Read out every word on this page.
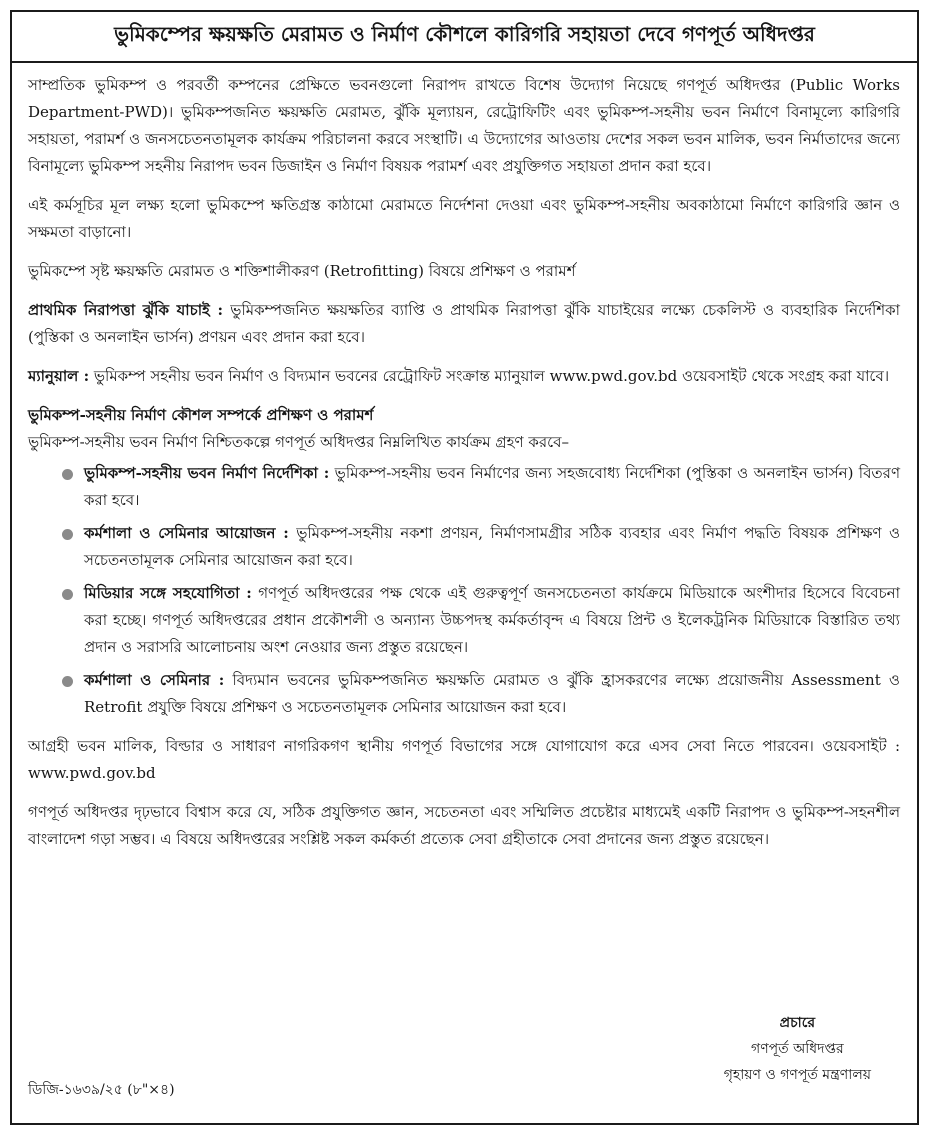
ভুমিকম্পের ক্ষয়ক্ষতি মেরামত ও নির্মাণ কৌশলে কারিগরি সহায়তা দেবে গণপূর্ত অধিদপ্তর

সাম্প্রতিক ভুমিকম্প ও পরবর্তী কম্পনের প্রেক্ষিতে ভবনগুলো নিরাপদ রাখতে বিশেষ উদ্যোগ নিয়েছে গণপূর্ত অধিদপ্তর (Public Works Department-PWD)। ভুমিকম্পজনিত ক্ষয়ক্ষতি মেরামত, ঝুঁকি মূল্যায়ন, রেট্রোফিটিং এবং ভুমিকম্প-সহনীয় ভবন নির্মাণে বিনামূল্যে কারিগরি সহায়তা, পরামর্শ ও জনসচেতনতামূলক কার্যক্রম পরিচালনা করবে সংস্থাটি। এ উদ্যোগের আওতায় দেশের সকল ভবন মালিক, ভবন নির্মাতাদের জন্যে বিনামূল্যে ভুমিকম্প সহনীয় নিরাপদ ভবন ডিজাইন ও নির্মাণ বিষয়ক পরামর্শ এবং প্রযুক্তিগত সহায়তা প্রদান করা হবে।

এই কর্মসূচির মূল লক্ষ্য হলো ভুমিকম্পে ক্ষতিগ্রস্ত কাঠামো মেরামতে নির্দেশনা দেওয়া এবং ভুমিকম্প-সহনীয় অবকাঠামো নির্মাণে কারিগরি জ্ঞান ও সক্ষমতা বাড়ানো।

ভুমিকম্পে সৃষ্ট ক্ষয়ক্ষতি মেরামত ও শক্তিশালীকরণ (Retrofitting) বিষয়ে প্রশিক্ষণ ও পরামর্শ

প্রাথমিক নিরাপত্তা ঝুঁকি যাচাই : ভুমিকম্পজনিত ক্ষয়ক্ষতির ব্যাপ্তি ও প্রাথমিক নিরাপত্তা ঝুঁকি যাচাইয়ের লক্ষ্যে চেকলিস্ট ও ব্যবহারিক নির্দেশিকা (পুস্তিকা ও অনলাইন ভার্সন) প্রণয়ন এবং প্রদান করা হবে।

ম্যানুয়াল : ভুমিকম্প সহনীয় ভবন নির্মাণ ও বিদ্যমান ভবনের রেট্রোফিট সংক্রান্ত ম্যানুয়াল www.pwd.gov.bd ওয়েবসাইট থেকে সংগ্রহ করা যাবে।

ভুমিকম্প-সহনীয় নির্মাণ কৌশল সম্পর্কে প্রশিক্ষণ ও পরামর্শ

ভুমিকম্প-সহনীয় ভবন নির্মাণ নিশ্চিতকল্পে গণপূর্ত অধিদপ্তর নিম্নলিখিত কার্যক্রম গ্রহণ করবে–

ভুমিকম্প-সহনীয় ভবন নির্মাণ নির্দেশিকা : ভুমিকম্প-সহনীয় ভবন নির্মাণের জন্য সহজবোধ্য নির্দেশিকা (পুস্তিকা ও অনলাইন ভার্সন) বিতরণ করা হবে।
কর্মশালা ও সেমিনার আয়োজন : ভুমিকম্প-সহনীয় নকশা প্রণয়ন, নির্মাণসামগ্রীর সঠিক ব্যবহার এবং নির্মাণ পদ্ধতি বিষয়ক প্রশিক্ষণ ও সচেতনতামূলক সেমিনার আয়োজন করা হবে।
মিডিয়ার সঙ্গে সহযোগিতা : গণপূর্ত অধিদপ্তরের পক্ষ থেকে এই গুরুত্বপূর্ণ জনসচেতনতা কার্যক্রমে মিডিয়াকে অংশীদার হিসেবে বিবেচনা করা হচ্ছে। গণপূর্ত অধিদপ্তরের প্রধান প্রকৌশলী ও অন্যান্য উচ্চপদস্থ কর্মকর্তাবৃন্দ এ বিষয়ে প্রিন্ট ও ইলেকট্রনিক মিডিয়াকে বিস্তারিত তথ্য প্রদান ও সরাসরি আলোচনায় অংশ নেওয়ার জন্য প্রস্তুত রয়েছেন।
কর্মশালা ও সেমিনার : বিদ্যমান ভবনের ভুমিকম্পজনিত ক্ষয়ক্ষতি মেরামত ও ঝুঁকি হ্রাসকরণের লক্ষ্যে প্রয়োজনীয় Assessment ও Retrofit প্রযুক্তি বিষয়ে প্রশিক্ষণ ও সচেতনতামূলক সেমিনার আয়োজন করা হবে।

আগ্রহী ভবন মালিক, বিল্ডার ও সাধারণ নাগরিকগণ স্থানীয় গণপূর্ত বিভাগের সঙ্গে যোগাযোগ করে এসব সেবা নিতে পারবেন। ওয়েবসাইট : www.pwd.gov.bd

গণপূর্ত অধিদপ্তর দৃঢ়ভাবে বিশ্বাস করে যে, সঠিক প্রযুক্তিগত জ্ঞান, সচেতনতা এবং সম্মিলিত প্রচেষ্টার মাধ্যমেই একটি নিরাপদ ও ভুমিকম্প-সহনশীল বাংলাদেশ গড়া সম্ভব। এ বিষয়ে অধিদপ্তরের সংশ্লিষ্ট সকল কর্মকর্তা প্রত্যেক সেবা গ্রহীতাকে সেবা প্রদানের জন্য প্রস্তুত রয়েছেন।

প্রচারে
গণপূর্ত অধিদপ্তর
গৃহায়ণ ও গণপূর্ত মন্ত্রণালয়
ডিজি-১৬৩৯/২৫ (৮"×৪)
